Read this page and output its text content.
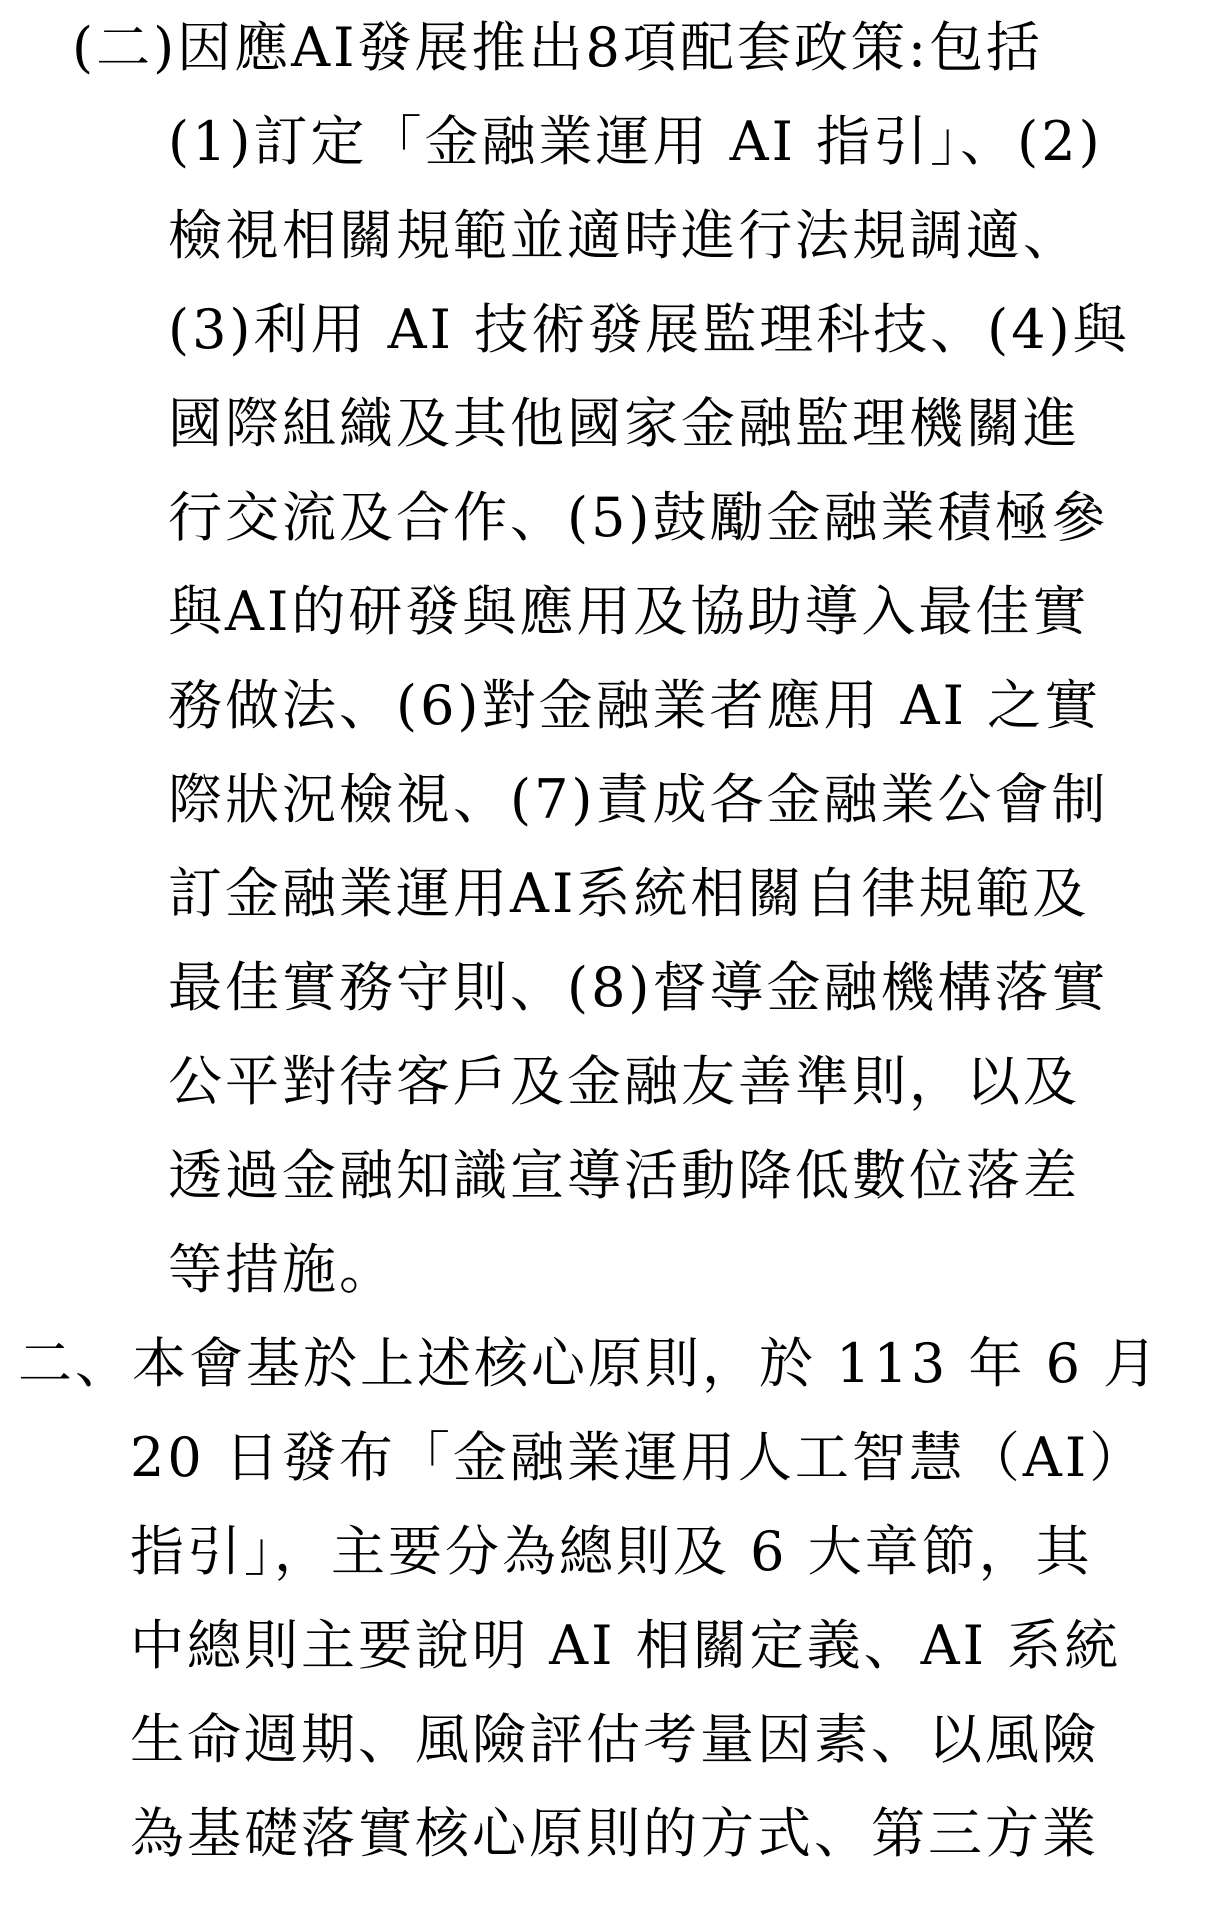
(二)因應AI發展推出8項配套政策:包括
(1)訂定「金融業運用 AI 指引」、(2)
檢視相關規範並適時進行法規調適、
(3)利用 AI 技術發展監理科技、(4)與
國際組織及其他國家金融監理機關進
行交流及合作、(5)鼓勵金融業積極參
與AI的研發與應用及協助導入最佳實
務做法、(6)對金融業者應用 AI 之實
際狀況檢視、(7)責成各金融業公會制
訂金融業運用AI系統相關自律規範及
最佳實務守則、(8)督導金融機構落實
公平對待客戶及金融友善準則，以及
透過金融知識宣導活動降低數位落差
等措施。
二、本會基於上述核心原則，於 113 年 6 月
20 日發布「金融業運用人工智慧（AI）
指引」，主要分為總則及 6 大章節，其
中總則主要說明 AI 相關定義、AI 系統
生命週期、風險評估考量因素、以風險
為基礎落實核心原則的方式、第三方業
